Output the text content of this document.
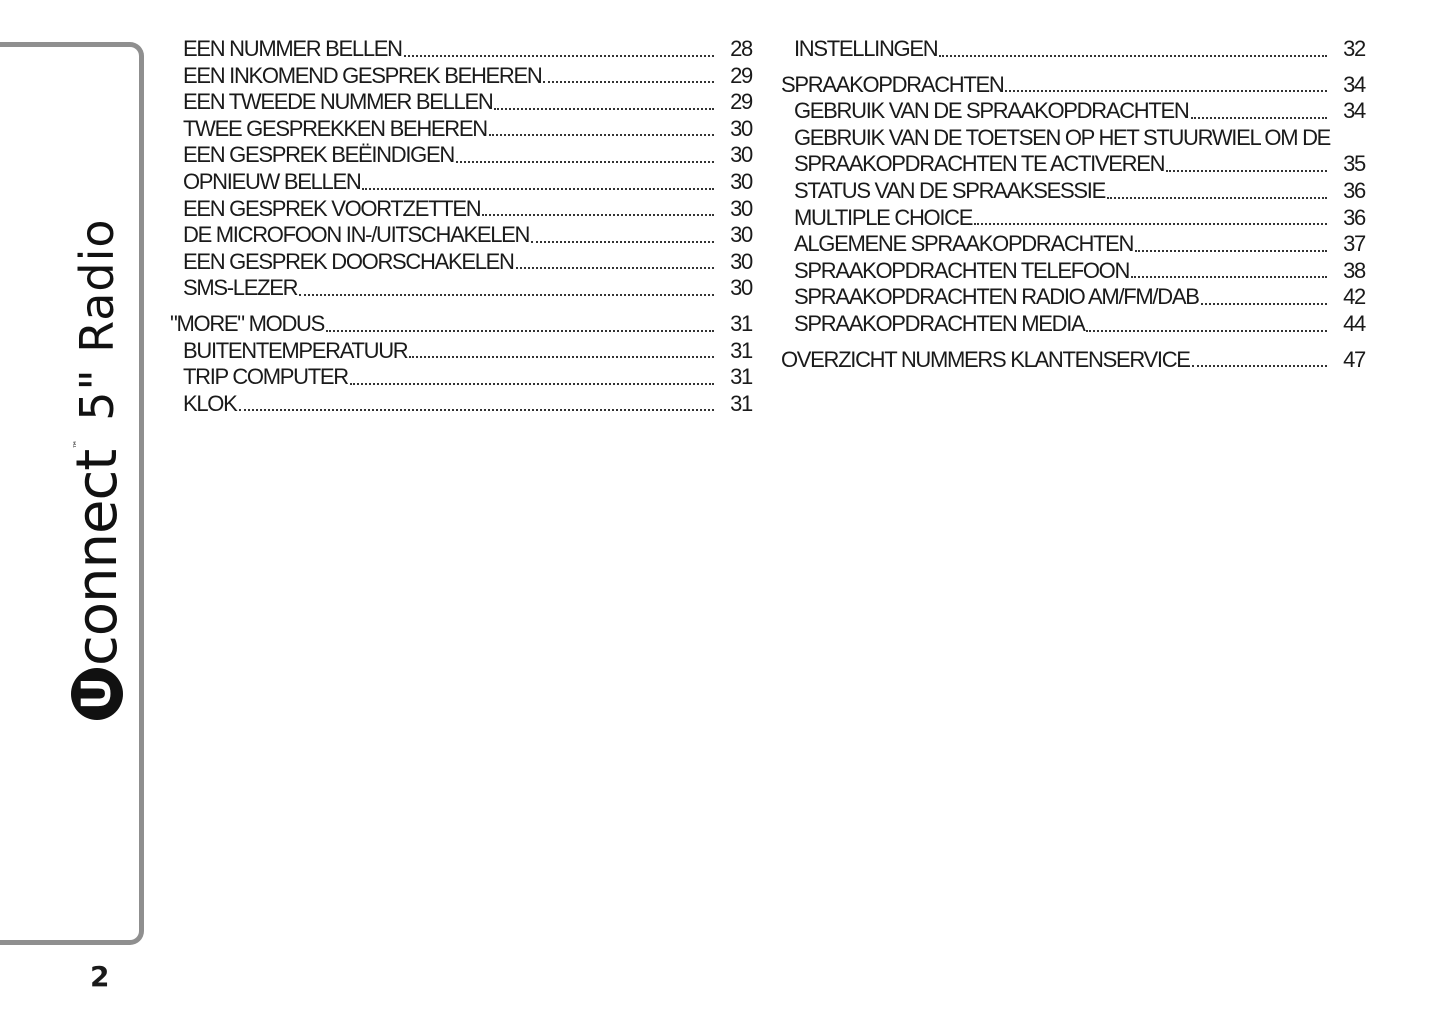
U
connect
™
5" Radio
2
EEN NUMMER BELLEN	28
EEN INKOMEND GESPREK BEHEREN	29
EEN TWEEDE NUMMER BELLEN	29
TWEE GESPREKKEN BEHEREN	30
EEN GESPREK BEËINDIGEN	30
OPNIEUW BELLEN	30
EEN GESPREK VOORTZETTEN	30
DE MICROFOON IN-/UITSCHAKELEN	30
EEN GESPREK DOORSCHAKELEN	30
SMS-LEZER	30
"MORE" MODUS	31
BUITENTEMPERATUUR	31
TRIP COMPUTER	31
KLOK	31
INSTELLINGEN	32
SPRAAKOPDRACHTEN	34
GEBRUIK VAN DE SPRAAKOPDRACHTEN	34
GEBRUIK VAN DE TOETSEN OP HET STUURWIEL OM DE
SPRAAKOPDRACHTEN TE ACTIVEREN	35
STATUS VAN DE SPRAAKSESSIE	36
MULTIPLE CHOICE	36
ALGEMENE SPRAAKOPDRACHTEN	37
SPRAAKOPDRACHTEN TELEFOON	38
SPRAAKOPDRACHTEN RADIO AM/FM/DAB	42
SPRAAKOPDRACHTEN MEDIA	44
OVERZICHT NUMMERS KLANTENSERVICE	47
